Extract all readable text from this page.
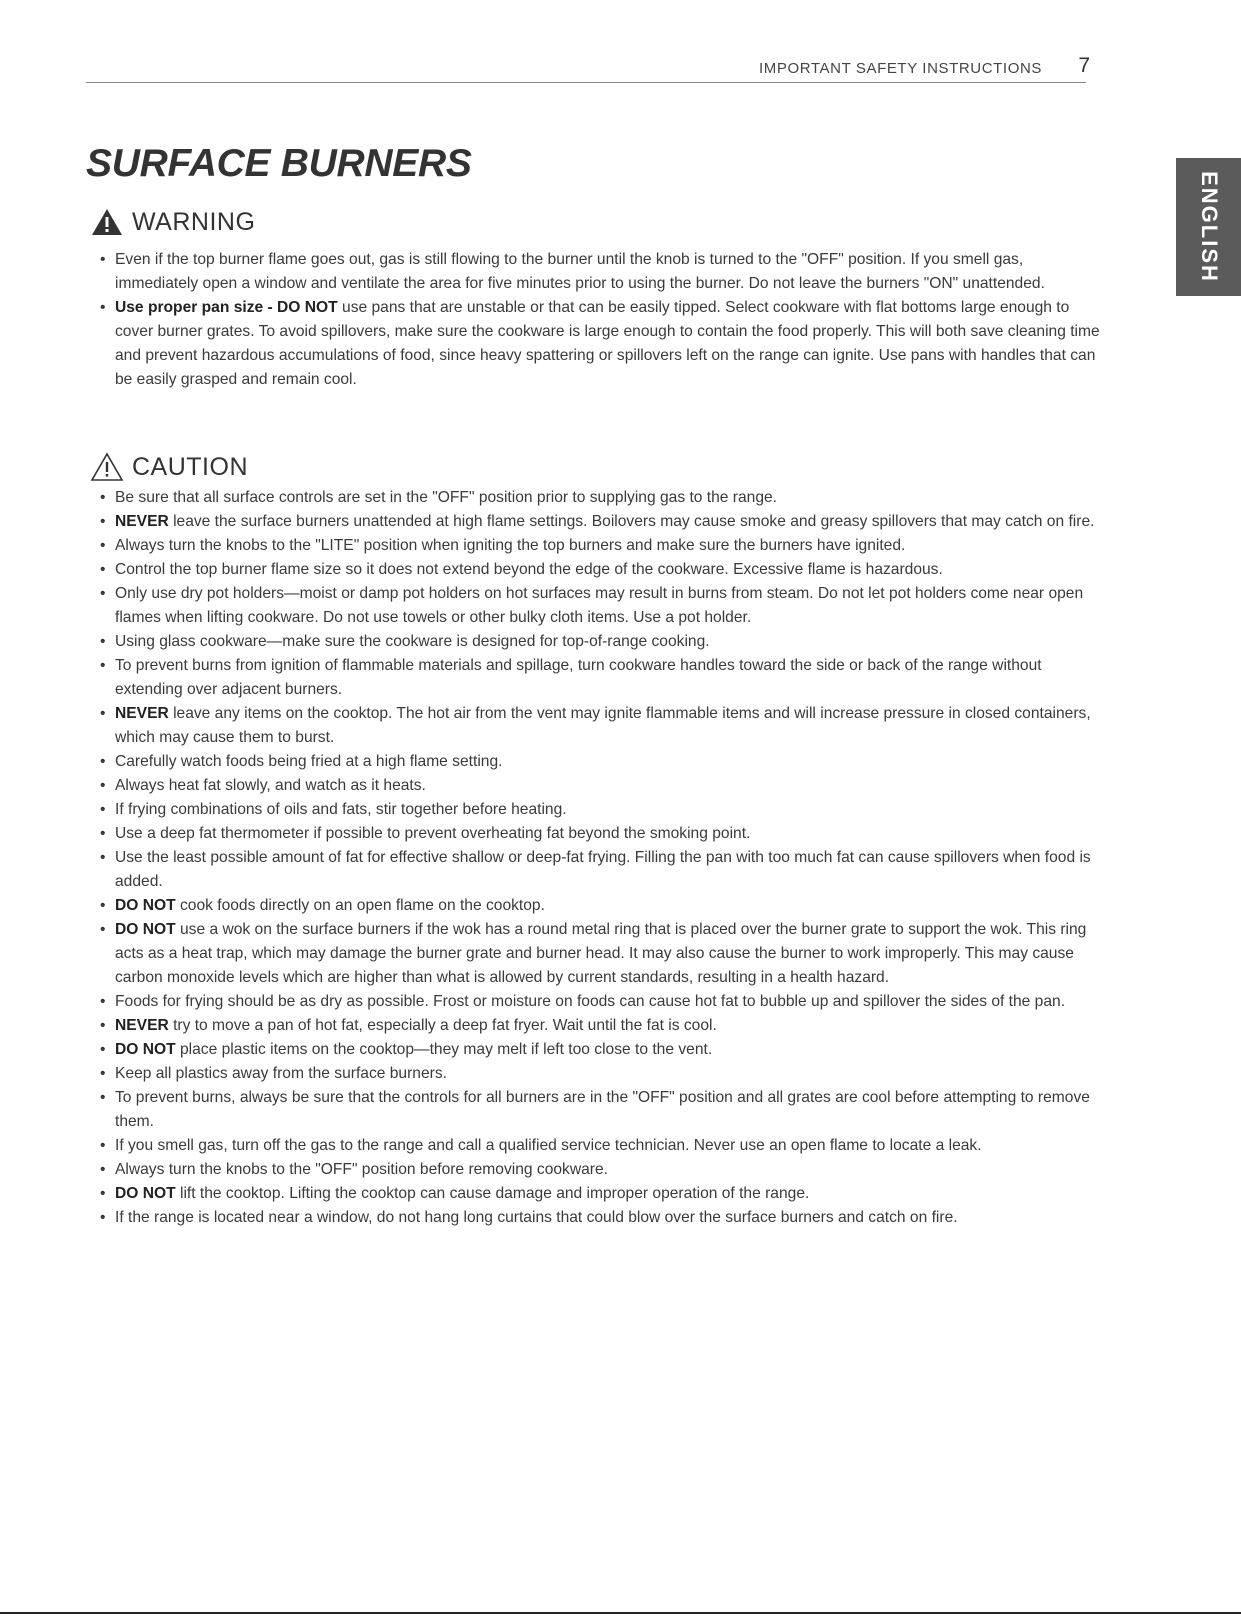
IMPORTANT SAFETY INSTRUCTIONS 7
ENGLISH
SURFACE BURNERS
WARNING
• Even if the top burner flame goes out, gas is still flowing to the burner until the knob is turned to the "OFF" position. If you smell gas, immediately open a window and ventilate the area for five minutes prior to using the burner. Do not leave the burners "ON" unattended.
• Use proper pan size - DO NOT use pans that are unstable or that can be easily tipped. Select cookware with flat bottoms large enough to cover burner grates. To avoid spillovers, make sure the cookware is large enough to contain the food properly. This will both save cleaning time and prevent hazardous accumulations of food, since heavy spattering or spillovers left on the range can ignite. Use pans with handles that can be easily grasped and remain cool.
CAUTION
• Be sure that all surface controls are set in the "OFF" position prior to supplying gas to the range.
• NEVER leave the surface burners unattended at high flame settings. Boilovers may cause smoke and greasy spillovers that may catch on fire.
• Always turn the knobs to the "LITE" position when igniting the top burners and make sure the burners have ignited.
• Control the top burner flame size so it does not extend beyond the edge of the cookware. Excessive flame is hazardous.
• Only use dry pot holders—moist or damp pot holders on hot surfaces may result in burns from steam. Do not let pot holders come near open flames when lifting cookware. Do not use towels or other bulky cloth items. Use a pot holder.
• Using glass cookware—make sure the cookware is designed for top-of-range cooking.
• To prevent burns from ignition of flammable materials and spillage, turn cookware handles toward the side or back of the range without extending over adjacent burners.
• NEVER leave any items on the cooktop. The hot air from the vent may ignite flammable items and will increase pressure in closed containers, which may cause them to burst.
• Carefully watch foods being fried at a high flame setting.
• Always heat fat slowly, and watch as it heats.
• If frying combinations of oils and fats, stir together before heating.
• Use a deep fat thermometer if possible to prevent overheating fat beyond the smoking point.
• Use the least possible amount of fat for effective shallow or deep-fat frying. Filling the pan with too much fat can cause spillovers when food is added.
• DO NOT cook foods directly on an open flame on the cooktop.
• DO NOT use a wok on the surface burners if the wok has a round metal ring that is placed over the burner grate to support the wok. This ring acts as a heat trap, which may damage the burner grate and burner head. It may also cause the burner to work improperly. This may cause carbon monoxide levels which are higher than what is allowed by current standards, resulting in a health hazard.
• Foods for frying should be as dry as possible. Frost or moisture on foods can cause hot fat to bubble up and spillover the sides of the pan.
• NEVER try to move a pan of hot fat, especially a deep fat fryer. Wait until the fat is cool.
• DO NOT place plastic items on the cooktop—they may melt if left too close to the vent.
• Keep all plastics away from the surface burners.
• To prevent burns, always be sure that the controls for all burners are in the "OFF" position and all grates are cool before attempting to remove them.
• If you smell gas, turn off the gas to the range and call a qualified service technician. Never use an open flame to locate a leak.
• Always turn the knobs to the "OFF" position before removing cookware.
• DO NOT lift the cooktop. Lifting the cooktop can cause damage and improper operation of the range.
• If the range is located near a window, do not hang long curtains that could blow over the surface burners and catch on fire.
